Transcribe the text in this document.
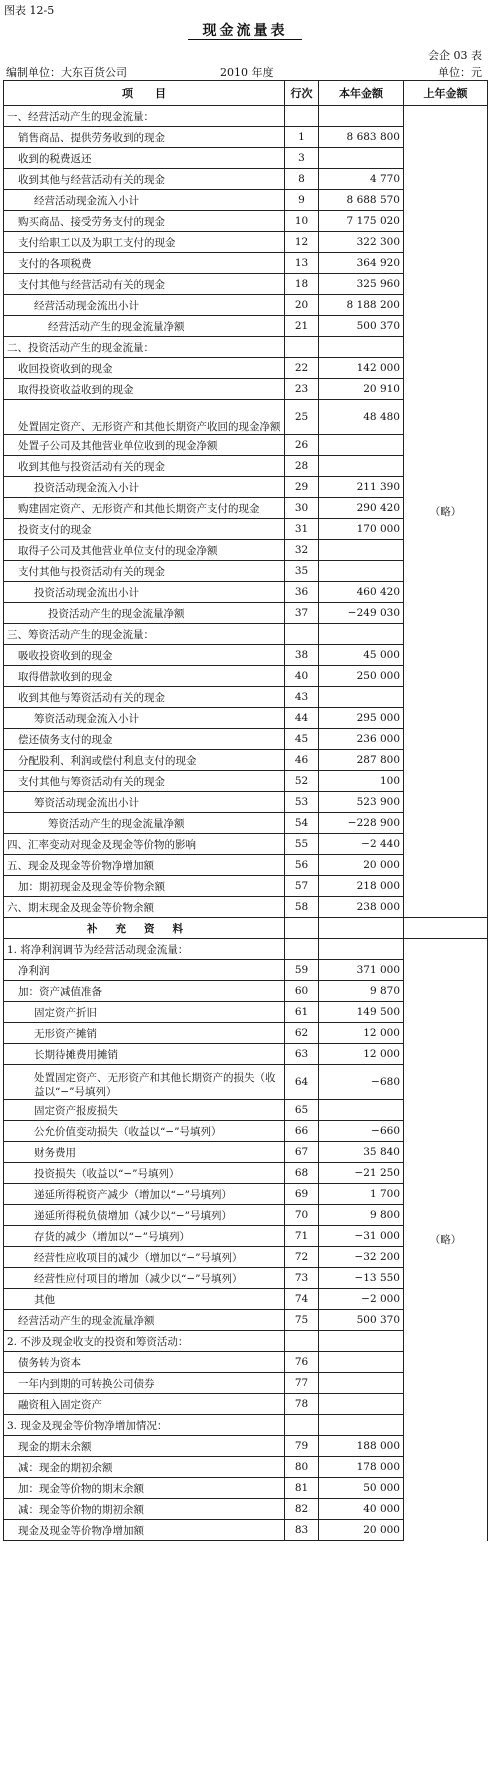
图表 12-5
现金流量表
会企 03 表
编制单位：大东百货公司	2010 年度	单位：元
项　　目	行次	本年金额	上年金额
一、经营活动产生的现金流量：			（略）
销售商品、提供劳务收到的现金	1	8 683 800	
收到的税费返还	3		
收到其他与经营活动有关的现金	8	4 770	
经营活动现金流入小计	9	8 688 570	
购买商品、接受劳务支付的现金	10	7 175 020	
支付给职工以及为职工支付的现金	12	322 300	
支付的各项税费	13	364 920	
支付其他与经营活动有关的现金	18	325 960	
经营活动现金流出小计	20	8 188 200	
经营活动产生的现金流量净额	21	500 370	
二、投资活动产生的现金流量：			
收回投资收到的现金	22	142 000	
取得投资收益收到的现金	23	20 910	
处置固定资产、无形资产和其他长期资产收回的现金净额	25	48 480	
处置子公司及其他营业单位收到的现金净额	26		
收到其他与投资活动有关的现金	28		
投资活动现金流入小计	29	211 390	
购建固定资产、无形资产和其他长期资产支付的现金	30	290 420	
投资支付的现金	31	170 000	
取得子公司及其他营业单位支付的现金净额	32		
支付其他与投资活动有关的现金	35		
投资活动现金流出小计	36	460 420	
投资活动产生的现金流量净额	37	−249 030	
三、筹资活动产生的现金流量：			
吸收投资收到的现金	38	45 000	
取得借款收到的现金	40	250 000	
收到其他与筹资活动有关的现金	43		
筹资活动现金流入小计	44	295 000	
偿还债务支付的现金	45	236 000	
分配股利、利润或偿付利息支付的现金	46	287 800	
支付其他与筹资活动有关的现金	52	100	
筹资活动现金流出小计	53	523 900	
筹资活动产生的现金流量净额	54	−228 900	
四、汇率变动对现金及现金等价物的影响	55	−2 440	
五、现金及现金等价物净增加额	56	20 000	
加：期初现金及现金等价物余额	57	218 000	
六、期末现金及现金等价物余额	58	238 000	
补充资料			
1. 将净利润调节为经营活动现金流量：			（略）
净利润	59	371 000	
加：资产减值准备	60	9 870	
固定资产折旧	61	149 500	
无形资产摊销	62	12 000	
长期待摊费用摊销	63	12 000	
处置固定资产、无形资产和其他长期资产的损失（收益以“−”号填列）	64	−680	
固定资产报废损失	65		
公允价值变动损失（收益以“−”号填列）	66	−660	
财务费用	67	35 840	
投资损失（收益以“−”号填列）	68	−21 250	
递延所得税资产减少（增加以“−”号填列）	69	1 700	
递延所得税负债增加（减少以“−”号填列）	70	9 800	
存货的减少（增加以“−”号填列）	71	−31 000	
经营性应收项目的减少（增加以“−”号填列）	72	−32 200	
经营性应付项目的增加（减少以“−”号填列）	73	−13 550	
其他	74	−2 000	
经营活动产生的现金流量净额	75	500 370	
2. 不涉及现金收支的投资和筹资活动：			
债务转为资本	76		
一年内到期的可转换公司债券	77		
融资租入固定资产	78		
3. 现金及现金等价物净增加情况：			
现金的期末余额	79	188 000	
减：现金的期初余额	80	178 000	
加：现金等价物的期末余额	81	50 000	
减：现金等价物的期初余额	82	40 000	
现金及现金等价物净增加额	83	20 000	
